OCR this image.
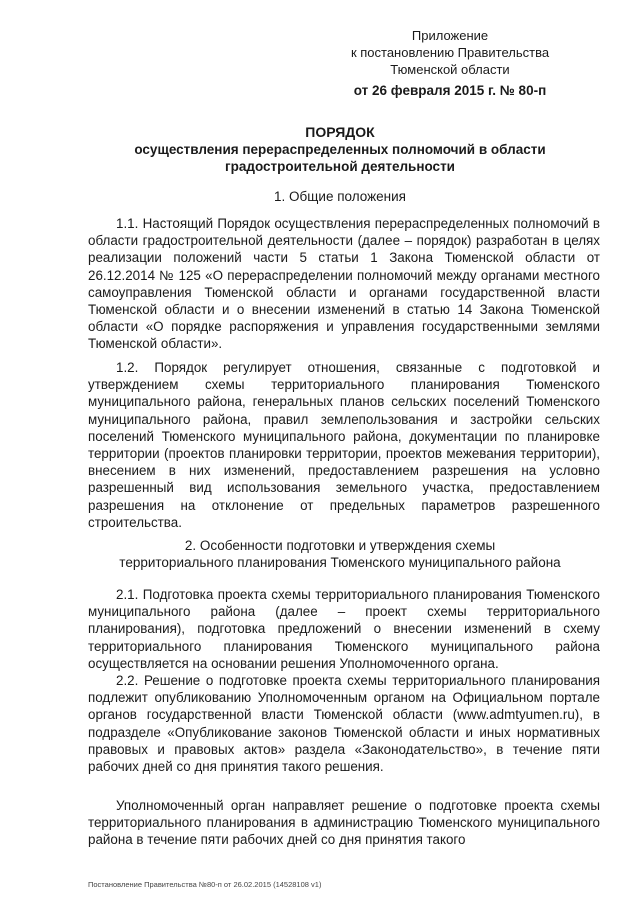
Приложение
к постановлению Правительства
Тюменской области
от 26 февраля 2015 г. № 80-п
ПОРЯДОК
осуществления перераспределенных полномочий в области
градостроительной деятельности
1. Общие положения

1.1. Настоящий Порядок осуществления перераспределенных полномочий в области градостроительной деятельности (далее – порядок) разработан в целях реализации положений части 5 статьи 1 Закона Тюменской области от 26.12.2014 № 125 «О перераспределении полномочий между органами местного самоуправления Тюменской области и органами государственной власти Тюменской области и о внесении изменений в статью 14 Закона Тюменской области «О порядке распоряжения и управления государственными землями Тюменской области».

1.2. Порядок регулирует отношения, связанные с подготовкой и утверждением схемы территориального планирования Тюменского муниципального района, генеральных планов сельских поселений Тюменского муниципального района, правил землепользования и застройки сельских поселений Тюменского муниципального района, документации по планировке территории (проектов планировки территории, проектов межевания территории), внесением в них изменений, предоставлением разрешения на условно разрешенный вид использования земельного участка, предоставлением разрешения на отклонение от предельных параметров разрешенного строительства.

2. Особенности подготовки и утверждения схемы
территориального планирования Тюменского муниципального района

2.1. Подготовка проекта схемы территориального планирования Тюменского муниципального района (далее – проект схемы территориального планирования), подготовка предложений о внесении изменений в схему территориального планирования Тюменского муниципального района осуществляется на основании решения Уполномоченного органа.

2.2. Решение о подготовке проекта схемы территориального планирования подлежит опубликованию Уполномоченным органом на Официальном портале органов государственной власти Тюменской области (www.admtyumen.ru), в подразделе «Опубликование законов Тюменской области и иных нормативных правовых и правовых актов» раздела «Законодательство», в течение пяти рабочих дней со дня принятия такого решения.

Уполномоченный орган направляет решение о подготовке проекта схемы территориального планирования в администрацию Тюменского муниципального района в течение пяти рабочих дней со дня принятия такого

Постановление Правительства №80-п от 26.02.2015 (14528108 v1)
